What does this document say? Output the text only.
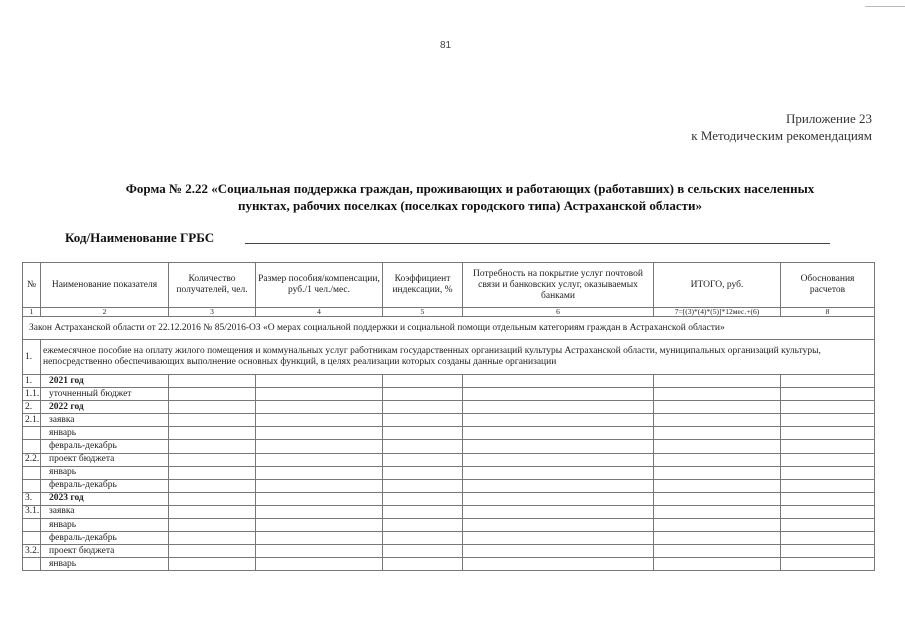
81
Приложение 23
к Методическим рекомендациям
Форма № 2.22 «Социальная поддержка граждан, проживающих и работающих (работавших) в сельских населенных
пунктах, рабочих поселках (поселках городского типа) Астраханской области»
Код/Наименование ГРБС
№	Наименование показателя	Количество получателей, чел.	Размер пособия/компенсации, руб./1 чел./мес.	Коэффициент индексации, %	Потребность на покрытие услуг почтовой связи и банковских услуг, оказываемых банками	ИТОГО, руб.	Обоснования расчетов
1	2	3	4	5	6	7=[(3)*(4)*(5)]*12мес.+(6)	8
Закон Астраханской области от 22.12.2016 № 85/2016-ОЗ «О мерах социальной поддержки и социальной помощи отдельным категориям граждан в Астраханской области»							
1.	ежемесячное пособие на оплату жилого помещения и коммунальных услуг работникам государственных организаций культуры Астраханской области, муниципальных организаций культуры, непосредственно обеспечивающих выполнение основных функций, в целях реализации которых созданы данные организации						
1.	2021 год						
1.1.	уточненный бюджет						
2.	2022 год						
2.1.	заявка						
	январь						
	февраль-декабрь						
2.2.	проект бюджета						
	январь						
	февраль-декабрь						
3.	2023 год						
3.1.	заявка						
	январь						
	февраль-декабрь						
3.2.	проект бюджета						
	январь						
